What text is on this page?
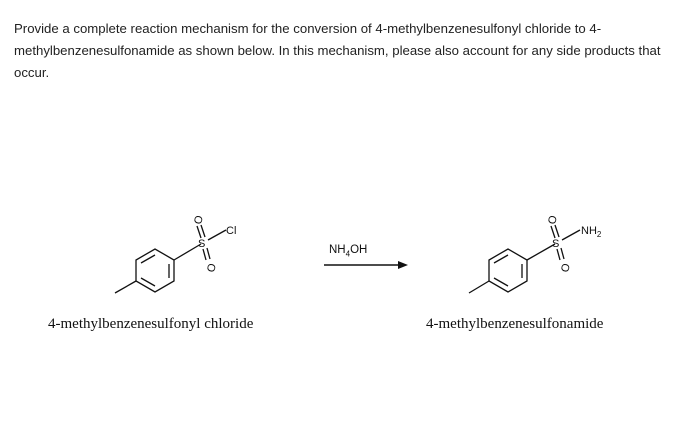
Provide a complete reaction mechanism for the conversion of 4-methylbenzenesulfonyl chloride to 4-methylbenzenesulfonamide as shown below. In this mechanism, please also account for any side products that occur.
S
O
O
Cl
S
O
O
$NH_2$
$NH_4OH$
4-methylbenzenesulfonyl chloride	4-methylbenzenesulfonamide
